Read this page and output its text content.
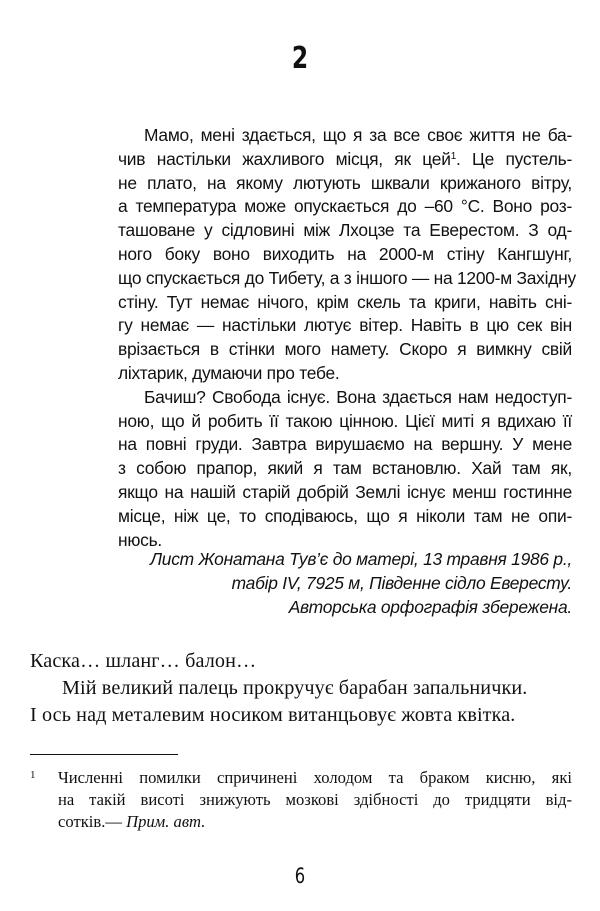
2
Мамо, мені здається, що я за все своє життя не ба-
чив настільки жахливого місця, як цей$^1$. Це пустель-
не плато, на якому лютують шквали крижаного вітру,
а температура може опускається до –60 °C. Воно роз-
ташоване у сідловині між Лхоцзе та Еверестом. З од-
ного боку воно виходить на 2000-м стіну Кангшунг,
що спускається до Тибету, а з іншого — на 1200-м Західну
стіну. Тут немає нічого, крім скель та криги, навіть сні-
гу немає — настільки лютує вітер. Навіть в цю сек він
врізається в стінки мого намету. Скоро я вимкну свій
ліхтарик, думаючи про тебе.
Бачиш? Свобода існує. Вона здається нам недоступ-
ною, що й робить її такою цінною. Цієї миті я вдихаю її
на повні груди. Завтра вирушаємо на вершну. У мене
з собою прапор, який я там встановлю. Хай там як,
якщо на нашій старій добрій Землі існує менш гостинне
місце, ніж це, то сподіваюсь, що я ніколи там не опи-
нюсь.
Лист Жонатана Тув’є до матері, 13 травня 1986 р.,
табір IV, 7925 м, Південне сідло Евересту.
Авторська орфографія збережена.
Каска… шланг… балон…
Мій великий палець прокручує барабан запальнички.
І ось над металевим носиком витанцьовує жовта квітка.
1 Численні помилки спричинені холодом та браком кисню, які
на такій висоті знижують мозкові здібності до тридцяти від-
сотків.— Прим. авт.
6
